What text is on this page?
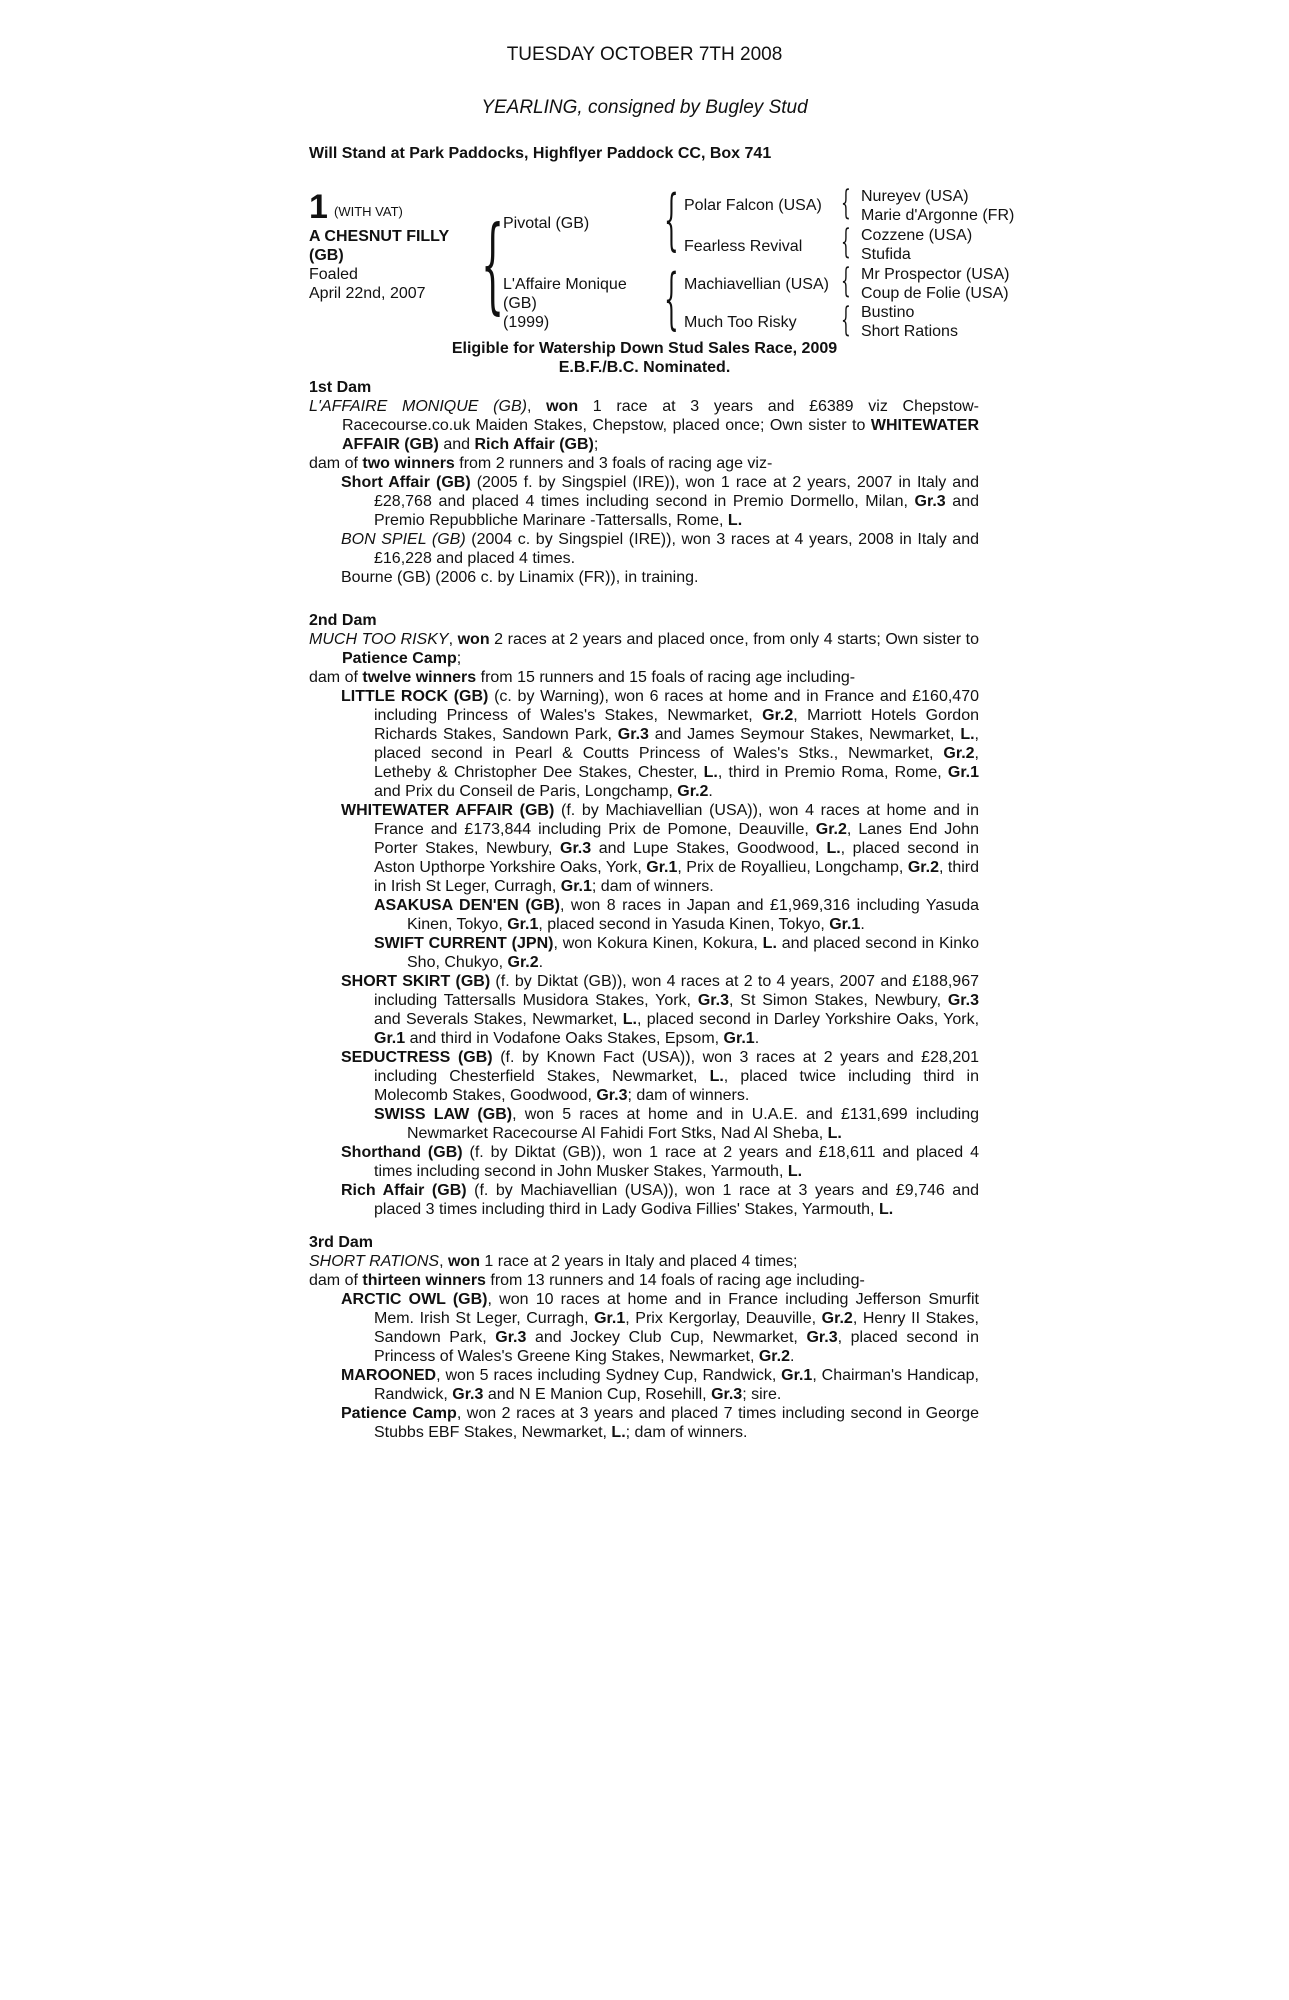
TUESDAY OCTOBER 7TH 2008
YEARLING, consigned by Bugley Stud
Will Stand at Park Paddocks, Highflyer Paddock CC, Box 741
1 (WITH VAT)
A CHESNUT FILLY
(GB)
Foaled
April 22nd, 2007 { {
{
{
{
{
{
Pivotal (GB)
L'Affaire Monique
(GB)
(1999)
Polar Falcon (USA)
Fearless Revival
Machiavellian (USA)
Much Too Risky
Nureyev (USA)
Marie d'Argonne (FR)
Cozzene (USA)
Stufida
Mr Prospector (USA)
Coup de Folie (USA)
Bustino
Short Rations
Eligible for Watership Down Stud Sales Race, 2009
E.B.F./B.C. Nominated.

1st Dam

L'AFFAIRE MONIQUE (GB), won 1 race at 3 years and £6389 viz Chepstow-Racecourse.co.uk Maiden Stakes, Chepstow, placed once; Own sister to WHITEWATER AFFAIR (GB) and Rich Affair (GB);

dam of two winners from 2 runners and 3 foals of racing age viz-

Short Affair (GB) (2005 f. by Singspiel (IRE)), won 1 race at 2 years, 2007 in Italy and £28,768 and placed 4 times including second in Premio Dormello, Milan, Gr.3 and Premio Repubbliche Marinare -Tattersalls, Rome, L.

BON SPIEL (GB) (2004 c. by Singspiel (IRE)), won 3 races at 4 years, 2008 in Italy and £16,228 and placed 4 times.

Bourne (GB) (2006 c. by Linamix (FR)), in training.

2nd Dam

MUCH TOO RISKY, won 2 races at 2 years and placed once, from only 4 starts; Own sister to Patience Camp;

dam of twelve winners from 15 runners and 15 foals of racing age including-

LITTLE ROCK (GB) (c. by Warning), won 6 races at home and in France and £160,470 including Princess of Wales's Stakes, Newmarket, Gr.2, Marriott Hotels Gordon Richards Stakes, Sandown Park, Gr.3 and James Seymour Stakes, Newmarket, L., placed second in Pearl & Coutts Princess of Wales's Stks., Newmarket, Gr.2, Letheby & Christopher Dee Stakes, Chester, L., third in Premio Roma, Rome, Gr.1 and Prix du Conseil de Paris, Longchamp, Gr.2.

WHITEWATER AFFAIR (GB) (f. by Machiavellian (USA)), won 4 races at home and in France and £173,844 including Prix de Pomone, Deauville, Gr.2, Lanes End John Porter Stakes, Newbury, Gr.3 and Lupe Stakes, Goodwood, L., placed second in Aston Upthorpe Yorkshire Oaks, York, Gr.1, Prix de Royallieu, Longchamp, Gr.2, third in Irish St Leger, Curragh, Gr.1; dam of winners.

ASAKUSA DEN'EN (GB), won 8 races in Japan and £1,969,316 including Yasuda Kinen, Tokyo, Gr.1, placed second in Yasuda Kinen, Tokyo, Gr.1.

SWIFT CURRENT (JPN), won Kokura Kinen, Kokura, L. and placed second in Kinko Sho, Chukyo, Gr.2.

SHORT SKIRT (GB) (f. by Diktat (GB)), won 4 races at 2 to 4 years, 2007 and £188,967 including Tattersalls Musidora Stakes, York, Gr.3, St Simon Stakes, Newbury, Gr.3 and Severals Stakes, Newmarket, L., placed second in Darley Yorkshire Oaks, York, Gr.1 and third in Vodafone Oaks Stakes, Epsom, Gr.1.

SEDUCTRESS (GB) (f. by Known Fact (USA)), won 3 races at 2 years and £28,201 including Chesterfield Stakes, Newmarket, L., placed twice including third in Molecomb Stakes, Goodwood, Gr.3; dam of winners.

SWISS LAW (GB), won 5 races at home and in U.A.E. and £131,699 including Newmarket Racecourse Al Fahidi Fort Stks, Nad Al Sheba, L.

Shorthand (GB) (f. by Diktat (GB)), won 1 race at 2 years and £18,611 and placed 4 times including second in John Musker Stakes, Yarmouth, L.

Rich Affair (GB) (f. by Machiavellian (USA)), won 1 race at 3 years and £9,746 and placed 3 times including third in Lady Godiva Fillies' Stakes, Yarmouth, L.

3rd Dam

SHORT RATIONS, won 1 race at 2 years in Italy and placed 4 times;

dam of thirteen winners from 13 runners and 14 foals of racing age including-

ARCTIC OWL (GB), won 10 races at home and in France including Jefferson Smurfit Mem. Irish St Leger, Curragh, Gr.1, Prix Kergorlay, Deauville, Gr.2, Henry II Stakes, Sandown Park, Gr.3 and Jockey Club Cup, Newmarket, Gr.3, placed second in Princess of Wales's Greene King Stakes, Newmarket, Gr.2.

MAROONED, won 5 races including Sydney Cup, Randwick, Gr.1, Chairman's Handicap, Randwick, Gr.3 and N E Manion Cup, Rosehill, Gr.3; sire.

Patience Camp, won 2 races at 3 years and placed 7 times including second in George Stubbs EBF Stakes, Newmarket, L.; dam of winners.
